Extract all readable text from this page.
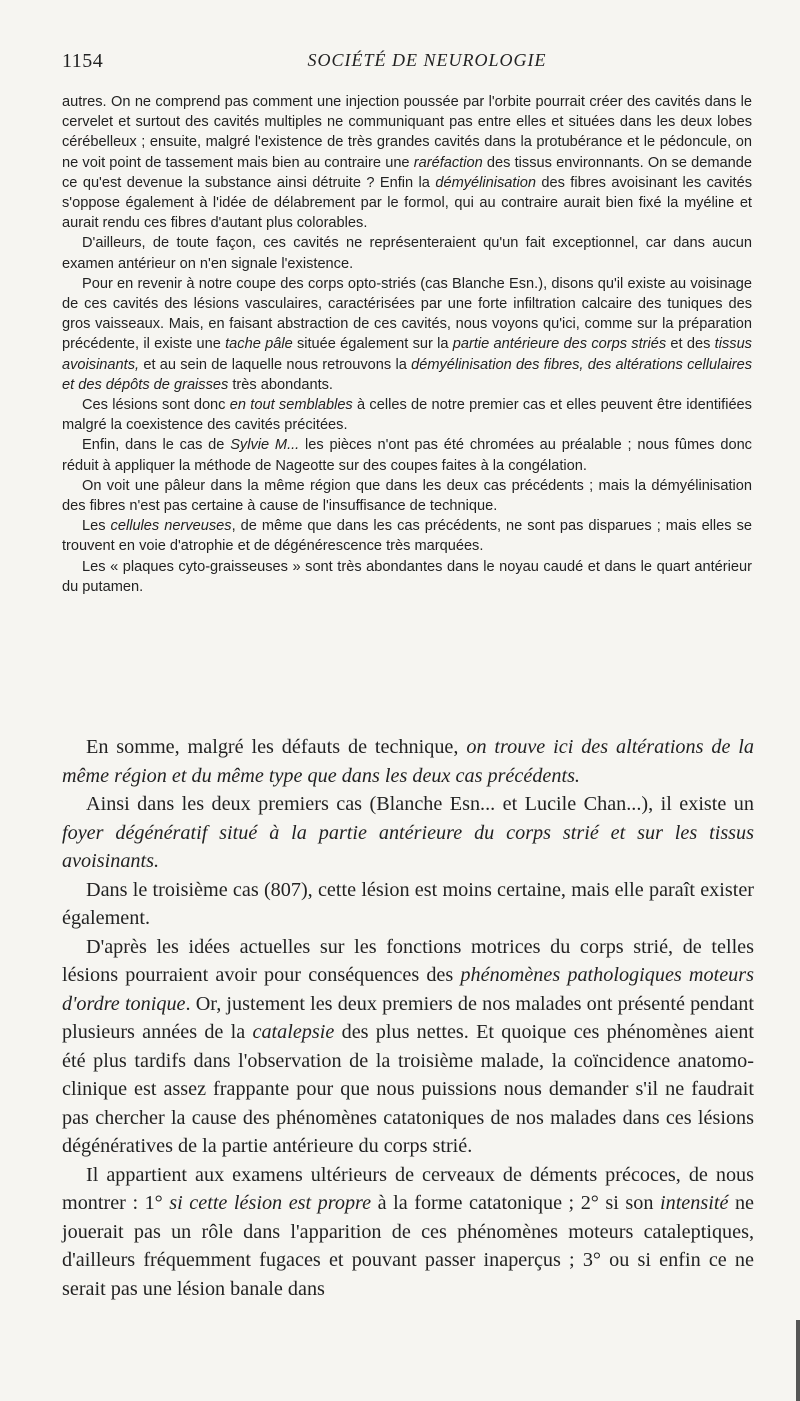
1154	SOCIÉTÉ DE NEUROLOGIE

autres. On ne comprend pas comment une injection poussée par l'orbite pourrait créer des cavités dans le cervelet et surtout des cavités multiples ne communiquant pas entre elles et situées dans les deux lobes cérébelleux ; ensuite, malgré l'existence de très grandes cavités dans la protubérance et le pédoncule, on ne voit point de tassement mais bien au contraire une raréfaction des tissus environnants. On se demande ce qu'est devenue la substance ainsi détruite ? Enfin la démyélinisation des fibres avoisinant les cavités s'oppose également à l'idée de délabrement par le formol, qui au contraire aurait bien fixé la myéline et aurait rendu ces fibres d'autant plus colorables.

D'ailleurs, de toute façon, ces cavités ne représenteraient qu'un fait exceptionnel, car dans aucun examen antérieur on n'en signale l'existence.

Pour en revenir à notre coupe des corps opto-striés (cas Blanche Esn.), disons qu'il existe au voisinage de ces cavités des lésions vasculaires, caractérisées par une forte infiltration calcaire des tuniques des gros vaisseaux. Mais, en faisant abstraction de ces cavités, nous voyons qu'ici, comme sur la préparation précédente, il existe une tache pâle située également sur la partie antérieure des corps striés et des tissus avoisinants, et au sein de laquelle nous retrouvons la démyélinisation des fibres, des altérations cellulaires et des dépôts de graisses très abondants.

Ces lésions sont donc en tout semblables à celles de notre premier cas et elles peuvent être identifiées malgré la coexistence des cavités précitées.

Enfin, dans le cas de Sylvie M... les pièces n'ont pas été chromées au préalable ; nous fûmes donc réduit à appliquer la méthode de Nageotte sur des coupes faites à la congélation.

On voit une pâleur dans la même région que dans les deux cas précédents ; mais la démyélinisation des fibres n'est pas certaine à cause de l'insuffisance de technique.

Les cellules nerveuses, de même que dans les cas précédents, ne sont pas disparues ; mais elles se trouvent en voie d'atrophie et de dégénérescence très marquées.

Les « plaques cyto-graisseuses » sont très abondantes dans le noyau caudé et dans le quart antérieur du putamen.

En somme, malgré les défauts de technique, on trouve ici des altérations de la même région et du même type que dans les deux cas précédents.

Ainsi dans les deux premiers cas (Blanche Esn... et Lucile Chan...), il existe un foyer dégénératif situé à la partie antérieure du corps strié et sur les tissus avoisinants.

Dans le troisième cas (807), cette lésion est moins certaine, mais elle paraît exister également.

D'après les idées actuelles sur les fonctions motrices du corps strié, de telles lésions pourraient avoir pour conséquences des phénomènes pathologiques moteurs d'ordre tonique. Or, justement les deux premiers de nos malades ont présenté pendant plusieurs années de la catalepsie des plus nettes. Et quoique ces phénomènes aient été plus tardifs dans l'observation de la troisième malade, la coïncidence anatomo-clinique est assez frappante pour que nous puissions nous demander s'il ne faudrait pas chercher la cause des phénomènes catatoniques de nos malades dans ces lésions dégénératives de la partie antérieure du corps strié.

Il appartient aux examens ultérieurs de cerveaux de déments précoces, de nous montrer : 1° si cette lésion est propre à la forme catatonique ; 2° si son intensité ne jouerait pas un rôle dans l'apparition de ces phénomènes moteurs cataleptiques, d'ailleurs fréquemment fugaces et pouvant passer inaperçus ; 3° ou si enfin ce ne serait pas une lésion banale dans
